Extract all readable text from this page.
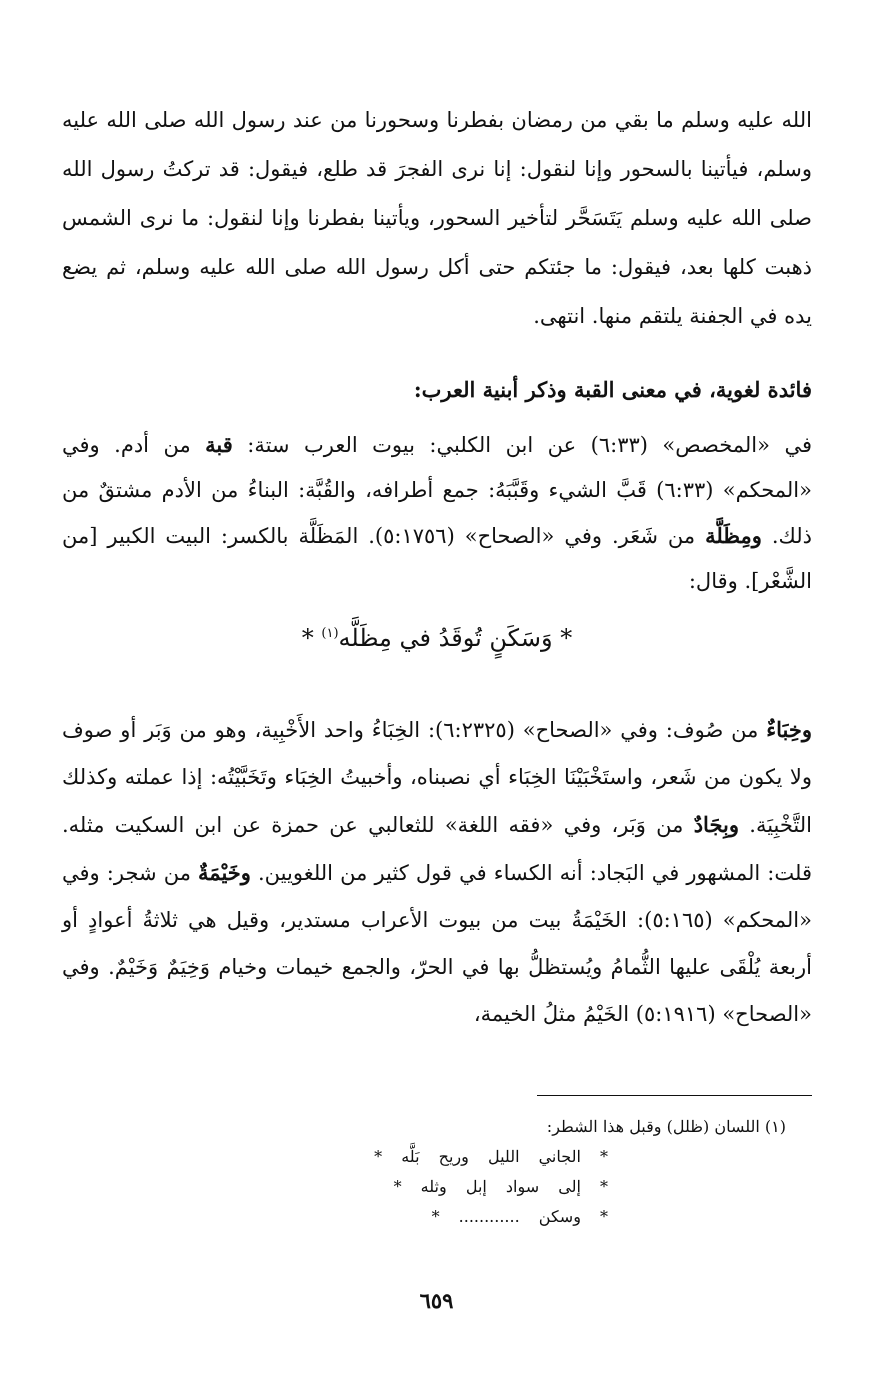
الله عليه وسلم ما بقي من رمضان بفطرنا وسحورنا من عند رسول الله صلى الله عليه وسلم، فيأتينا بالسحور وإنا لنقول: إنا نرى الفجرَ قد طلع، فيقول: قد تركتُ رسول الله صلى الله عليه وسلم يَتَسَحَّر لتأخير السحور، ويأتينا بفطرنا وإنا لنقول: ما نرى الشمس ذهبت كلها بعد، فيقول: ما جئتكم حتى أكل رسول الله صلى الله عليه وسلم، ثم يضع يده في الجفنة يلتقم منها. انتهى.
فائدة لغوية، في معنى القبة وذكر أبنية العرب:
في «المخصص» (٦:٣٣) عن ابن الكلبي: بيوت العرب ستة: قبة من أدم. وفي «المحكم» (٦:٣٣) قَبَّ الشيء وقَبَّبَهُ: جمع أطرافه، والقُبَّة: البناءُ من الأدم مشتقٌ من ذلك. ومِظَلَّة من شَعَر. وفي «الصحاح» (٥:١٧٥٦). المَظَلَّة بالكسر: البيت الكبير [من الشَّعْر]. وقال:
* وَسَكَنٍ تُوقَدُ في مِظَلَّه$^{(١)}$ *
وخِبَاءٌ من صُوف: وفي «الصحاح» (٦:٢٣٢٥): الخِبَاءُ واحد الأَخْبِية، وهو من وَبَر أو صوف ولا يكون من شَعر، واستَخْبَيْنَا الخِبَاء أي نصبناه، وأخبيتُ الخِبَاء وتَخَبَّيْتُه: إذا عملته وكذلك التَّخْبِيَة. وبِجَادٌ من وَبَر، وفي «فقه اللغة» للثعالبي عن حمزة عن ابن السكيت مثله. قلت: المشهور في البَجاد: أنه الكساء في قول كثير من اللغويين. وخَيْمَةٌ من شجر: وفي «المحكم» (٥:١٦٥): الخَيْمَةُ بيت من بيوت الأعراب مستدير، وقيل هي ثلاثةُ أعوادٍ أو أربعة يُلْقَى عليها الثُّمامُ ويُستظلُّ بها في الحرّ، والجمع خيمات وخيام وَخِيَمٌ وَخَيْمٌ. وفي «الصحاح» (٥:١٩١٦) الخَيْمُ مثلُ الخيمة،
(١) اللسان (ظلل) وقبل هذا الشطر:
* الجاني الليل وريح بَلَّه *
* إلى سواد إبل وثله *
* وسكن ............ *
٦٥٩
